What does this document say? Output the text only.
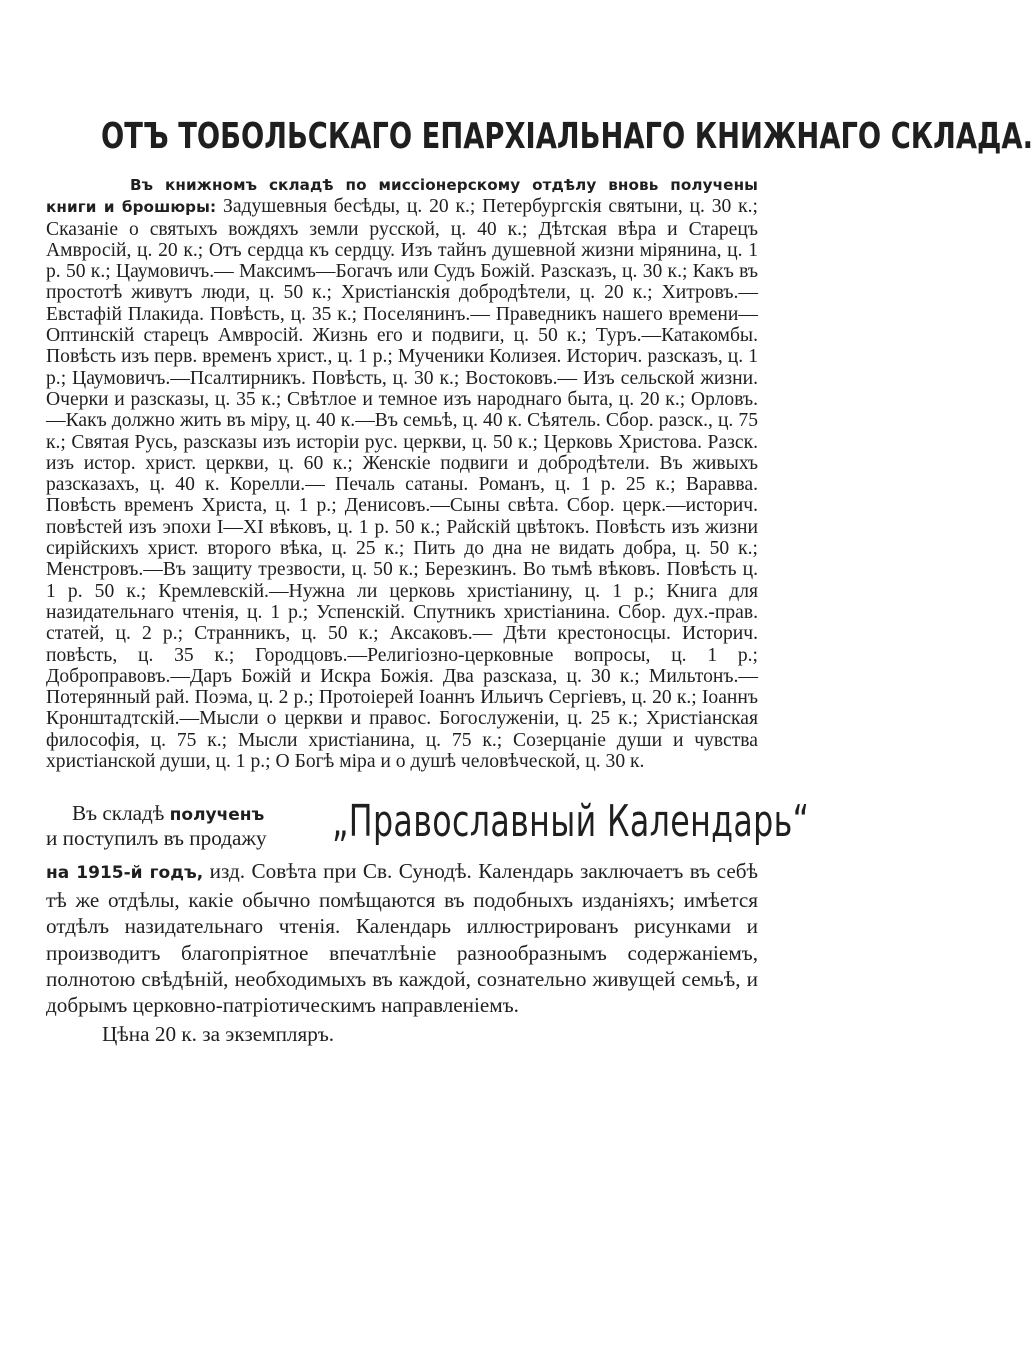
ОТЪ ТОБОЛЬСКАГО ЕПАРХІАЛЬНАГО КНИЖНАГО СКЛАДА.
Въ книжномъ складѣ по миссіонерскому отдѣлу вновь получены книги и брошюры: Задушевныя бесѣды, ц. 20 к.; Петербургскія святыни, ц. 30 к.; Сказаніе о святыхъ вождяхъ земли русской, ц. 40 к.; Дѣтская вѣра и Старецъ Амвросій, ц. 20 к.; Отъ сердца къ сердцу. Изъ тайнъ душевной жизни мірянина, ц. 1 р. 50 к.; Цаумовичъ.— Максимъ—Богачъ или Судъ Божій. Разсказъ, ц. 30 к.; Какъ въ простотѣ живутъ люди, ц. 50 к.; Христіанскія добродѣтели, ц. 20 к.; Хитровъ.—Евстафій Плакида. Повѣсть, ц. 35 к.; Поселянинъ.— Праведникъ нашего времени—Оптинскій старецъ Амвросій. Жизнь его и подвиги, ц. 50 к.; Туръ.—Катакомбы. Повѣсть изъ перв. временъ христ., ц. 1 р.; Мученики Колизея. Историч. разсказъ, ц. 1 р.; Цаумовичъ.—Псалтирникъ. Повѣсть, ц. 30 к.; Востоковъ.— Изъ сельской жизни. Очерки и разсказы, ц. 35 к.; Свѣтлое и темное изъ народнаго быта, ц. 20 к.; Орловъ.—Какъ должно жить въ міру, ц. 40 к.—Въ семьѣ, ц. 40 к. Сѣятель. Сбор. разск., ц. 75 к.; Святая Русь, разсказы изъ исторіи рус. церкви, ц. 50 к.; Церковь Христова. Разск. изъ истор. христ. церкви, ц. 60 к.; Женскіе подвиги и добродѣтели. Въ живыхъ разсказахъ, ц. 40 к. Корелли.— Печаль сатаны. Романъ, ц. 1 р. 25 к.; Варавва. Повѣсть временъ Христа, ц. 1 р.; Денисовъ.—Сыны свѣта. Сбор. церк.—историч. повѣстей изъ эпохи I—XI вѣковъ, ц. 1 р. 50 к.; Райскій цвѣтокъ. Повѣсть изъ жизни сирійскихъ христ. второго вѣка, ц. 25 к.; Пить до дна не видать добра, ц. 50 к.; Менстровъ.—Въ защиту трезвости, ц. 50 к.; Березкинъ. Во тьмѣ вѣковъ. Повѣсть ц. 1 р. 50 к.; Кремлевскій.—Нужна ли церковь христіанину, ц. 1 р.; Книга для назидательнаго чтенія, ц. 1 р.; Успенскій. Спутникъ христіанина. Сбор. дух.-прав. статей, ц. 2 р.; Странникъ, ц. 50 к.; Аксаковъ.— Дѣти крестоносцы. Историч. повѣсть, ц. 35 к.; Городцовъ.—Религіозно-церковные вопросы, ц. 1 р.; Доброправовъ.—Даръ Божій и Искра Божія. Два разсказа, ц. 30 к.; Мильтонъ.—Потерянный рай. Поэма, ц. 2 р.; Протоіерей Іоаннъ Ильичъ Сергіевъ, ц. 20 к.; Іоаннъ Кронштадтскій.—Мысли о церкви и правос. Богослуженіи, ц. 25 к.; Христіанская философія, ц. 75 к.; Мысли христіанина, ц. 75 к.; Созерцаніе души и чувства христіанской души, ц. 1 р.; О Богѣ міра и о душѣ человѣческой, ц. 30 к.
Въ складѣ полученъ
и поступилъ въ продажу „Православный Календарь“
на 1915-й годъ, изд. Совѣта при Св. Сунодѣ. Календарь заключаетъ въ себѣ тѣ же отдѣлы, какіе обычно помѣщаются въ подобныхъ изданіяхъ; имѣется отдѣлъ назидательнаго чтенія. Календарь иллюстрированъ рисунками и производитъ благопріятное впечатлѣніе разнообразнымъ содержаніемъ, полнотою свѣдѣній, необходимыхъ въ каждой, сознательно живущей семьѣ, и добрымъ церковно-патріотическимъ направленіемъ.
Цѣна 20 к. за экземпляръ.
